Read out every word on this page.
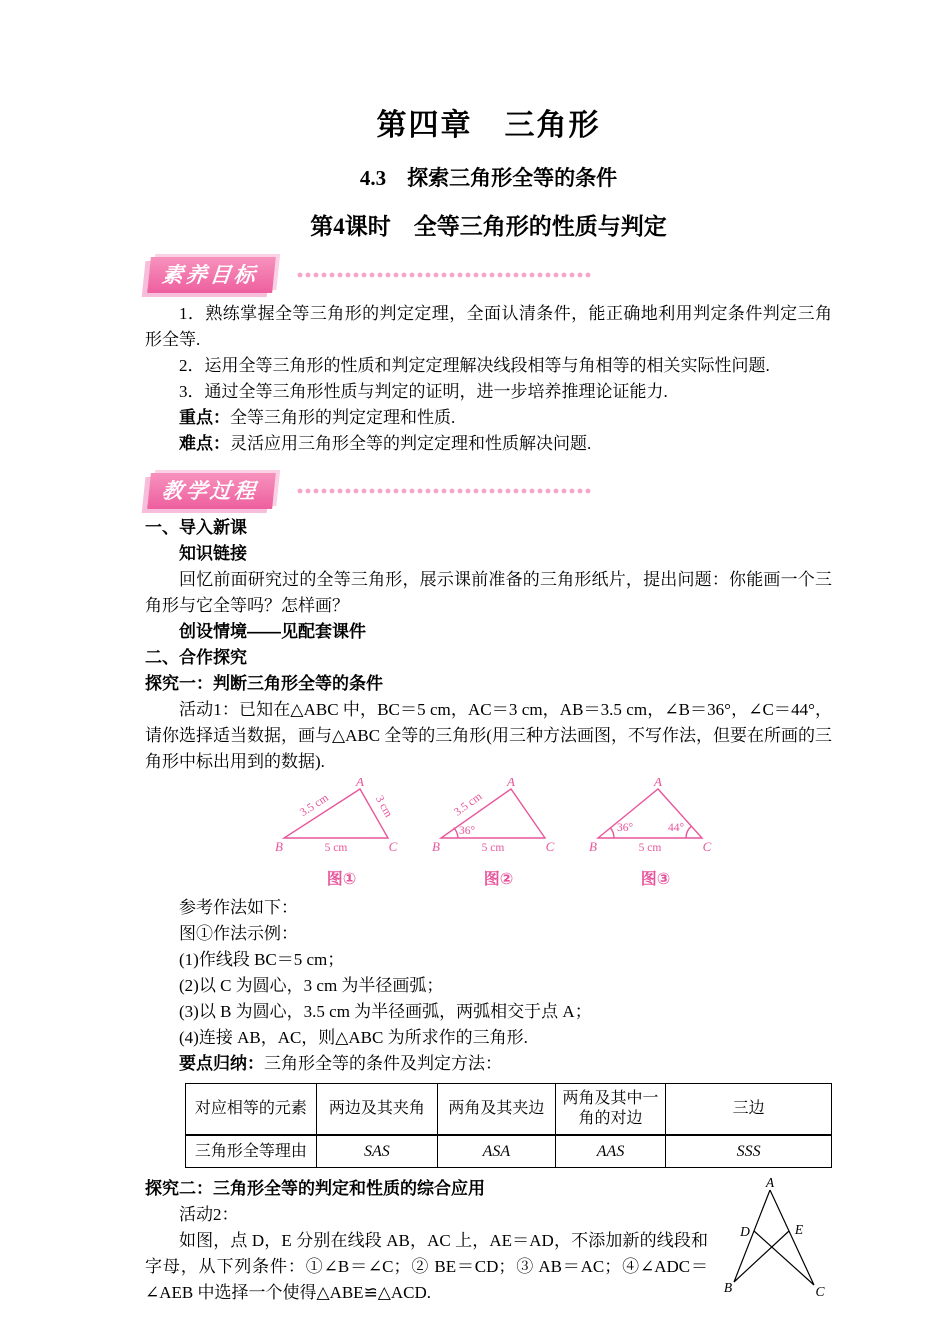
第四章　三角形
4.3　探索三角形全等的条件
第4课时　全等三角形的性质与判定
素养目标

1．熟练掌握全等三角形的判定定理，全面认清条件，能正确地利用判定条件判定三角形全等.

2．运用全等三角形的性质和判定定理解决线段相等与角相等的相关实际性问题.

3．通过全等三角形性质与判定的证明，进一步培养推理论证能力.

重点：全等三角形的判定定理和性质.

难点：灵活应用三角形全等的判定定理和性质解决问题.

教学过程

一、导入新课

知识链接

回忆前面研究过的全等三角形，展示课前准备的三角形纸片，提出问题：你能画一个三角形与它全等吗？怎样画？

创设情境——见配套课件

二、合作探究

探究一：判断三角形全等的条件

活动1：已知在△ABC 中，BC＝5 cm，AC＝3 cm，AB＝3.5 cm，∠B＝36°，∠C＝44°，请你选择适当数据，画与△ABC 全等的三角形(用三种方法画图，不写作法，但要在所画的三角形中标出用到的数据).

A
B	C
3.5 cm	3 cm
5 cm
图①
A
B	C
3.5 cm
36°
5 cm
图②
A
B	C
36°	44°
5 cm
图③

参考作法如下：

图①作法示例：

(1)作线段 BC＝5 cm；

(2)以 C 为圆心，3 cm 为半径画弧；

(3)以 B 为圆心，3.5 cm 为半径画弧，两弧相交于点 A；

(4)连接 AB，AC，则△ABC 为所求作的三角形.

要点归纳：三角形全等的条件及判定方法：

对应相等的元素	两边及其夹角	两角及其夹边	两角及其中一角的对边	三边
三角形全等理由	SAS	ASA	AAS	SSS

探究二：三角形全等的判定和性质的综合应用	A
B	C
D	E

活动2：

如图，点 D，E 分别在线段 AB，AC 上，AE＝AD，不添加新的线段和字母，从下列条件：①∠B＝∠C；② BE＝CD；③ AB＝AC；④∠ADC＝∠AEB 中选择一个使得△ABE≌△ACD.
